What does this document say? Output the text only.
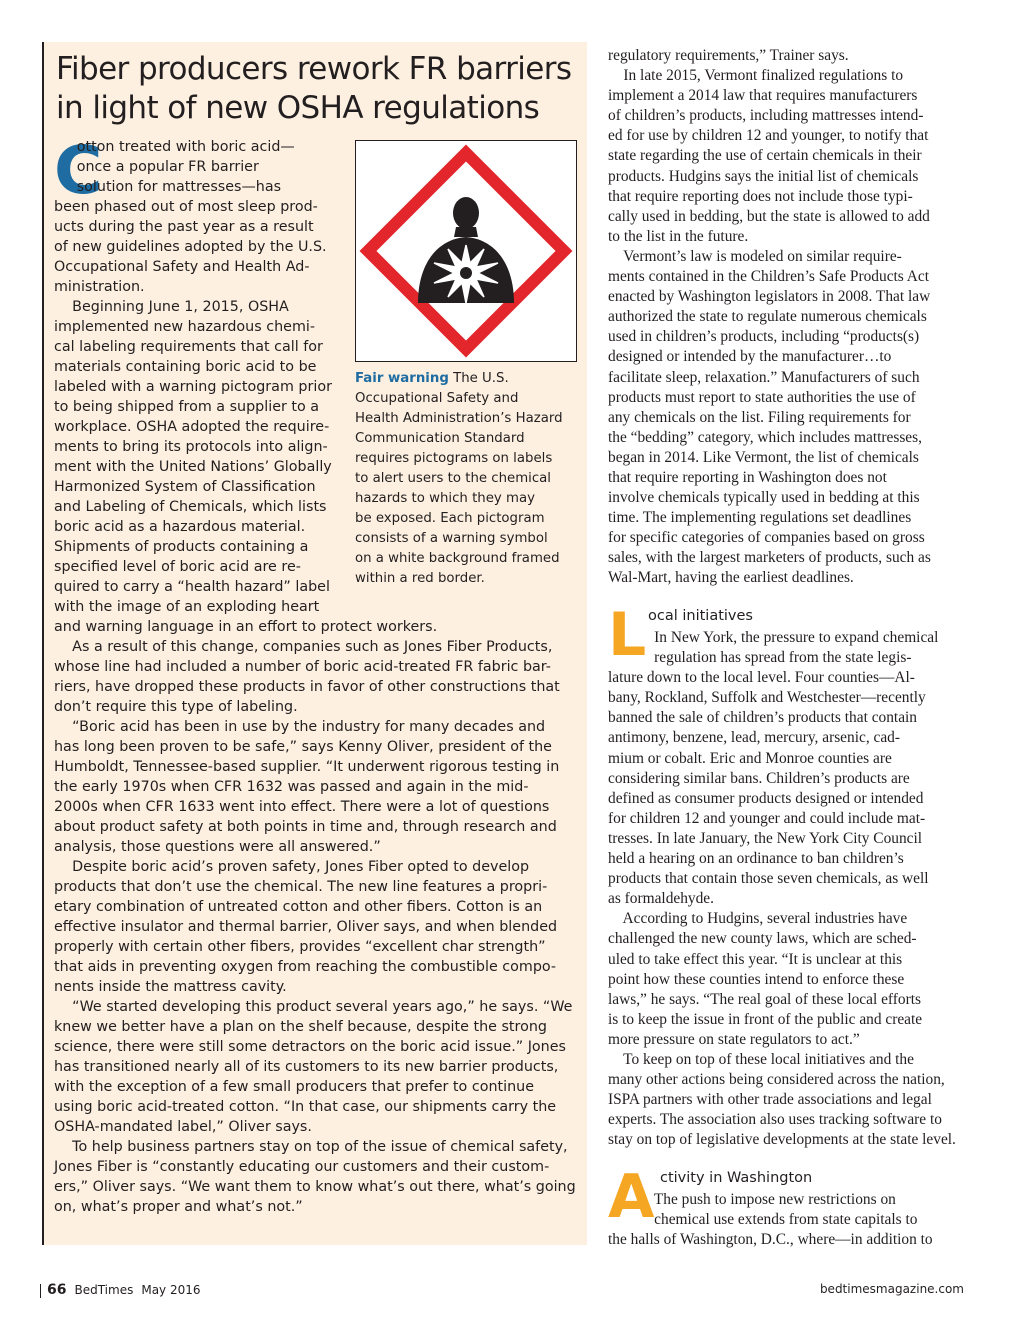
Fiber producers rework FR barriers
in light of new OSHA regulations
C
otton treated with boric acid—
once a popular FR barrier
solution for mattresses—has
been phased out of most sleep prod-
ucts during the past year as a result
of new guidelines adopted by the U.S.
Occupational Safety and Health Ad-
ministration.
Beginning June 1, 2015, OSHA
implemented new hazardous chemi-
cal labeling requirements that call for
materials containing boric acid to be
labeled with a warning pictogram prior
to being shipped from a supplier to a
workplace. OSHA adopted the require-
ments to bring its protocols into align-
ment with the United Nations’ Globally
Harmonized System of Classification
and Labeling of Chemicals, which lists
boric acid as a hazardous material.
Shipments of products containing a
specified level of boric acid are re-
quired to carry a “health hazard” label
with the image of an exploding heart
and warning language in an effort to protect workers.
As a result of this change, companies such as Jones Fiber Products,
whose line had included a number of boric acid-treated FR fabric bar-
riers, have dropped these products in favor of other constructions that
don’t require this type of labeling.
“Boric acid has been in use by the industry for many decades and
has long been proven to be safe,” says Kenny Oliver, president of the
Humboldt, Tennessee-based supplier. “It underwent rigorous testing in
the early 1970s when CFR 1632 was passed and again in the mid-
2000s when CFR 1633 went into effect. There were a lot of questions
about product safety at both points in time and, through research and
analysis, those questions were all answered.”
Despite boric acid’s proven safety, Jones Fiber opted to develop
products that don’t use the chemical. The new line features a propri-
etary combination of untreated cotton and other fibers. Cotton is an
effective insulator and thermal barrier, Oliver says, and when blended
properly with certain other fibers, provides “excellent char strength”
that aids in preventing oxygen from reaching the combustible compo-
nents inside the mattress cavity.
“We started developing this product several years ago,” he says. “We
knew we better have a plan on the shelf because, despite the strong
science, there were still some detractors on the boric acid issue.” Jones
has transitioned nearly all of its customers to its new barrier products,
with the exception of a few small producers that prefer to continue
using boric acid-treated cotton. “In that case, our shipments carry the
OSHA-mandated label,” Oliver says.
To help business partners stay on top of the issue of chemical safety,
Jones Fiber is “constantly educating our customers and their custom-
ers,” Oliver says. “We want them to know what’s out there, what’s going
on, what’s proper and what’s not.”
Fair warning The U.S.
Occupational Safety and
Health Administration’s Hazard
Communication Standard
requires pictograms on labels
to alert users to the chemical
hazards to which they may
be exposed. Each pictogram
consists of a warning symbol
on a white background framed
within a red border.
regulatory requirements,” Trainer says.
In late 2015, Vermont finalized regulations to
implement a 2014 law that requires manufacturers
of children’s products, including mattresses intend-
ed for use by children 12 and younger, to notify that
state regarding the use of certain chemicals in their
products. Hudgins says the initial list of chemicals
that require reporting does not include those typi-
cally used in bedding, but the state is allowed to add
to the list in the future.
Vermont’s law is modeled on similar require-
ments contained in the Children’s Safe Products Act
enacted by Washington legislators in 2008. That law
authorized the state to regulate numerous chemicals
used in children’s products, including “products(s)
designed or intended by the manufacturer…to
facilitate sleep, relaxation.” Manufacturers of such
products must report to state authorities the use of
any chemicals on the list. Filing requirements for
the “bedding” category, which includes mattresses,
began in 2014. Like Vermont, the list of chemicals
that require reporting in Washington does not
involve chemicals typically used in bedding at this
time. The implementing regulations set deadlines
for specific categories of companies based on gross
sales, with the largest marketers of products, such as
Wal-Mart, having the earliest deadlines.
L ocal initiatives
In New York, the pressure to expand chemical
regulation has spread from the state legis-
lature down to the local level. Four counties—Al-
bany, Rockland, Suffolk and Westchester—recently
banned the sale of children’s products that contain
antimony, benzene, lead, mercury, arsenic, cad-
mium or cobalt. Eric and Monroe counties are
considering similar bans. Children’s products are
defined as consumer products designed or intended
for children 12 and younger and could include mat-
tresses. In late January, the New York City Council
held a hearing on an ordinance to ban children’s
products that contain those seven chemicals, as well
as formaldehyde.
According to Hudgins, several industries have
challenged the new county laws, which are sched-
uled to take effect this year. “It is unclear at this
point how these counties intend to enforce these
laws,” he says. “The real goal of these local efforts
is to keep the issue in front of the public and create
more pressure on state regulators to act.”
To keep on top of these local initiatives and the
many other actions being considered across the nation,
ISPA partners with other trade associations and legal
experts. The association also uses tracking software to
stay on top of legislative developments at the state level.
A ctivity in Washington
The push to impose new restrictions on
chemical use extends from state capitals to
the halls of Washington, D.C., where—in addition to
66 BedTimes May 2016	bedtimesmagazine.com
